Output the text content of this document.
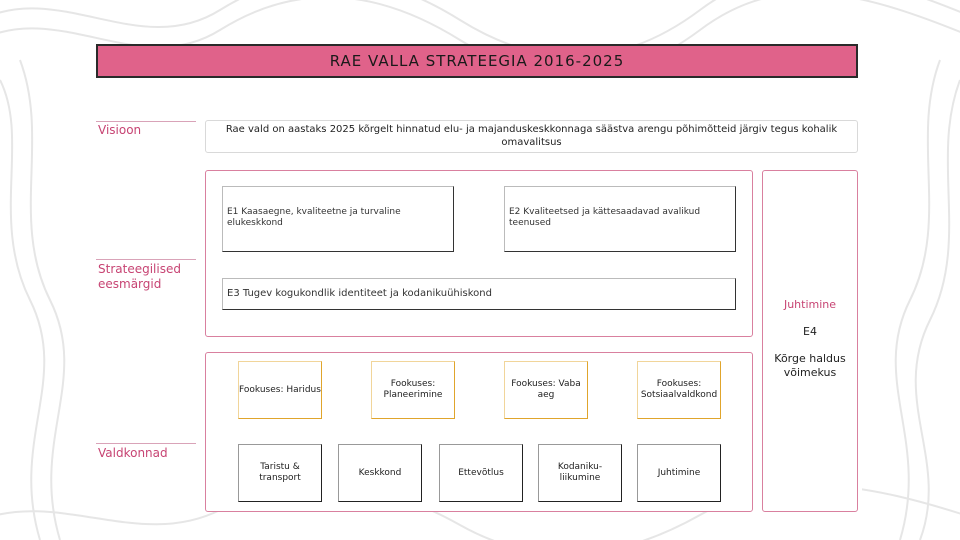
RAE VALLA STRATEEGIA 2016-2025
Visioon
Strateegilised eesmärgid
Valdkonnad
Rae vald on aastaks 2025 kõrgelt hinnatud elu- ja majanduskeskkonnaga säästva arengu põhimõtteid järgiv tegus kohalik omavalitsus
E1 Kaasaegne, kvaliteetne ja turvaline elukeskkond
E2 Kvaliteetsed ja kättesaadavad avalikud teenused
E3 Tugev kogukondlik identiteet ja kodanikuühiskond
Juhtimine
E4
Kõrge haldus võimekus
Fookuses: Haridus
Fookuses: Planeerimine
Fookuses: Vaba aeg
Fookuses: Sotsiaalvaldkond
Taristu & transport
Keskkond	Ettevõtlus
Kodaniku-liikumine
Juhtimine
